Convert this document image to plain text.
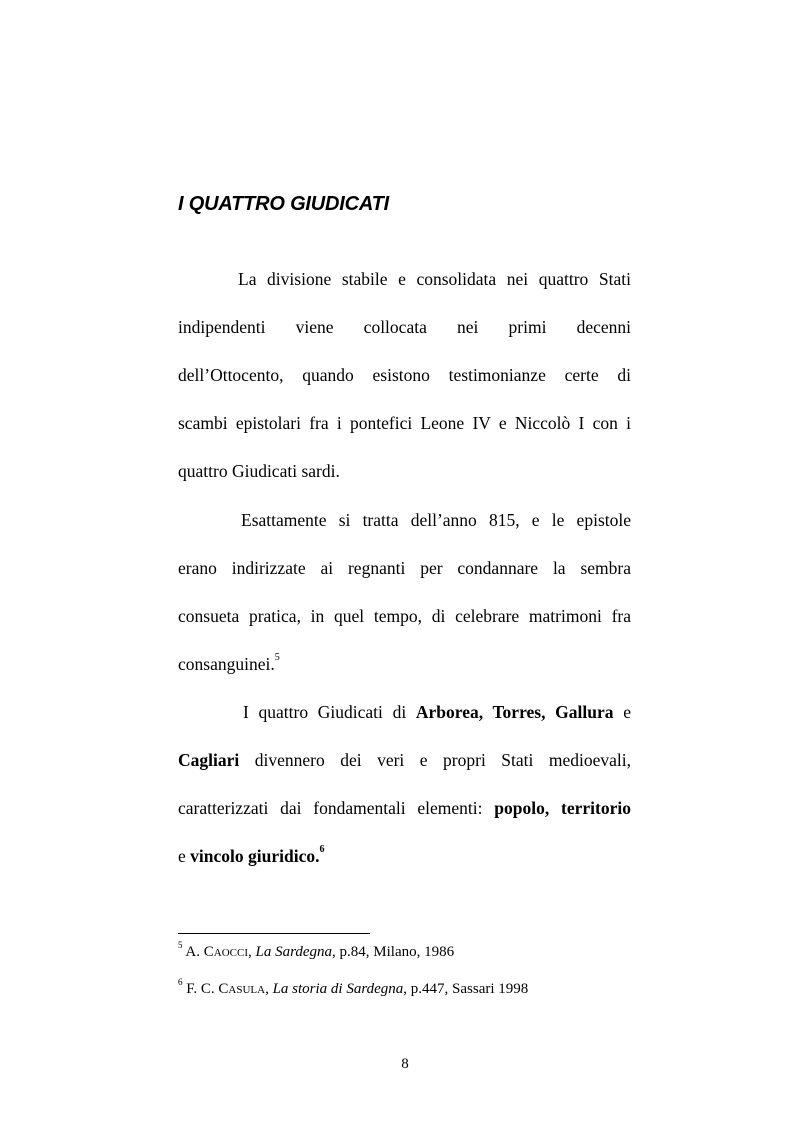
I QUATTRO GIUDICATI
La divisione stabile e consolidata nei quattro Stati
indipendenti viene collocata nei primi decenni
dell’Ottocento, quando esistono testimonianze certe di
scambi epistolari fra i pontefici Leone IV e Niccolò I con i
quattro Giudicati sardi.
Esattamente si tratta dell’anno 815, e le epistole
erano indirizzate ai regnanti per condannare la sembra
consueta pratica, in quel tempo, di celebrare matrimoni fra
consanguinei.$^5$
I quattro Giudicati di Arborea, Torres, Gallura e
Cagliari divennero dei veri e propri Stati medioevali,
caratterizzati dai fondamentali elementi: popolo, territorio
e vincolo giuridico.$^6$
$^5$ A. Caocci, La Sardegna, p.84, Milano, 1986
$^6$ F. C. Casula, La storia di Sardegna, p.447, Sassari 1998
8
